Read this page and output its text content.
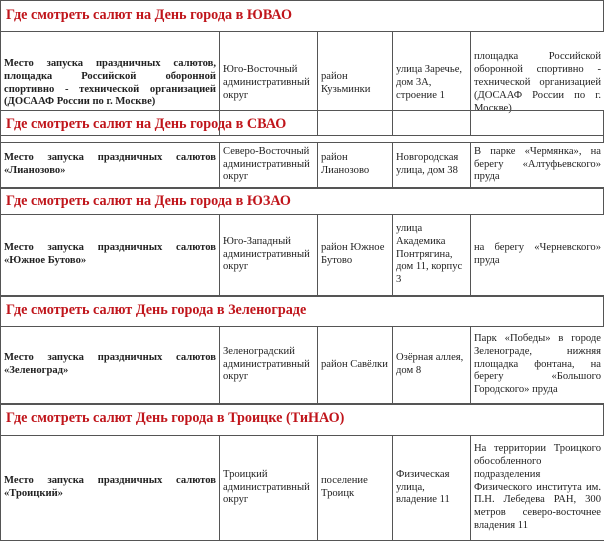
Где смотреть салют на День города в ЮВАО
Место запуска праздничных салютов, площадка Российской оборонной спортивно - технической организацией (ДОСААФ России по г. Москве)	Юго-Восточный административный округ	район Кузьминки	улица Заречье, дом 3А, строение 1	площадка Российской оборонной спортивно - технической организацией (ДОСААФ России по г. Москве)
Где смотреть салют на День города в СВАО
Место запуска праздничных салютов «Лианозово»	Северо-Восточный административный округ	район Лианозово	Новгородская улица, дом 38	В парке «Чермянка», на берегу «Алтуфьевского» пруда
Где смотреть салют на День города в ЮЗАО
Место запуска праздничных салютов «Южное Бутово»	Юго-Западный административный округ	район Южное Бутово	улица Академика Понтрягина, дом 11, корпус 3	на берегу «Черневского» пруда
Где смотреть салют День города в Зеленограде
Место запуска праздничных салютов «Зеленоград»	Зеленоградский административный округ	район Савёлки	Озёрная аллея, дом 8	Парк «Победы» в городе Зеленограде, нижняя площадка фонтана, на берегу «Большого Городского» пруда
Где смотреть салют День города в Троицке (ТиНАО)
Место запуска праздничных салютов «Троицкий»	Троицкий административный округ	поселение Троицк	Физическая улица, владение 11	На территории Троицкого обособленного подразделения Физического института им. П.Н. Лебедева РАН, 300 метров северо-восточнее владения 11
